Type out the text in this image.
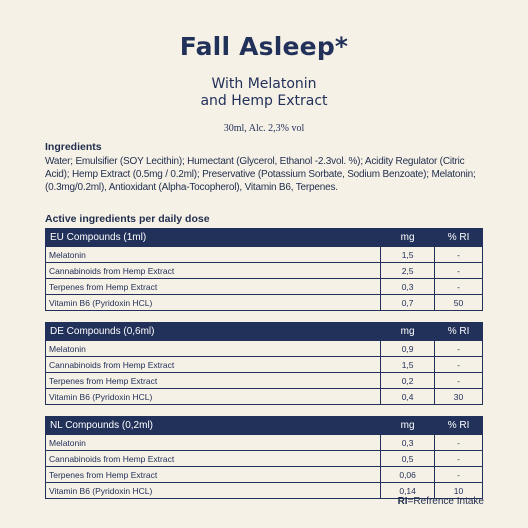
Fall Asleep*
With Melatonin
and Hemp Extract
30ml, Alc. 2,3% vol
Ingredients
Water; Emulsifier (SOY Lecithin); Humectant (Glycerol, Ethanol -2.3vol. %); Acidity Regulator (Citric Acid); Hemp Extract (0.5mg / 0.2ml); Preservative (Potassium Sorbate, Sodium Benzoate); Melatonin; (0.3mg/0.2ml), Antioxidant (Alpha-Tocopherol), Vitamin B6, Terpenes.
Active ingredients per daily dose
EU Compounds (1ml)	mg	% RI
Melatonin	1,5	-
Cannabinoids from Hemp Extract	2,5	-
Terpenes from Hemp Extract	0,3	-
Vitamin B6 (Pyridoxin HCL)	0,7	50
DE Compounds (0,6ml)	mg	% RI
Melatonin	0,9	-
Cannabinoids from Hemp Extract	1,5	-
Terpenes from Hemp Extract	0,2	-
Vitamin B6 (Pyridoxin HCL)	0,4	30
NL Compounds (0,2ml)	mg	% RI
Melatonin	0,3	-
Cannabinoids from Hemp Extract	0,5	-
Terpenes from Hemp Extract	0,06	-
Vitamin B6 (Pyridoxin HCL)	0,14	10
RI=Refrence Intake
